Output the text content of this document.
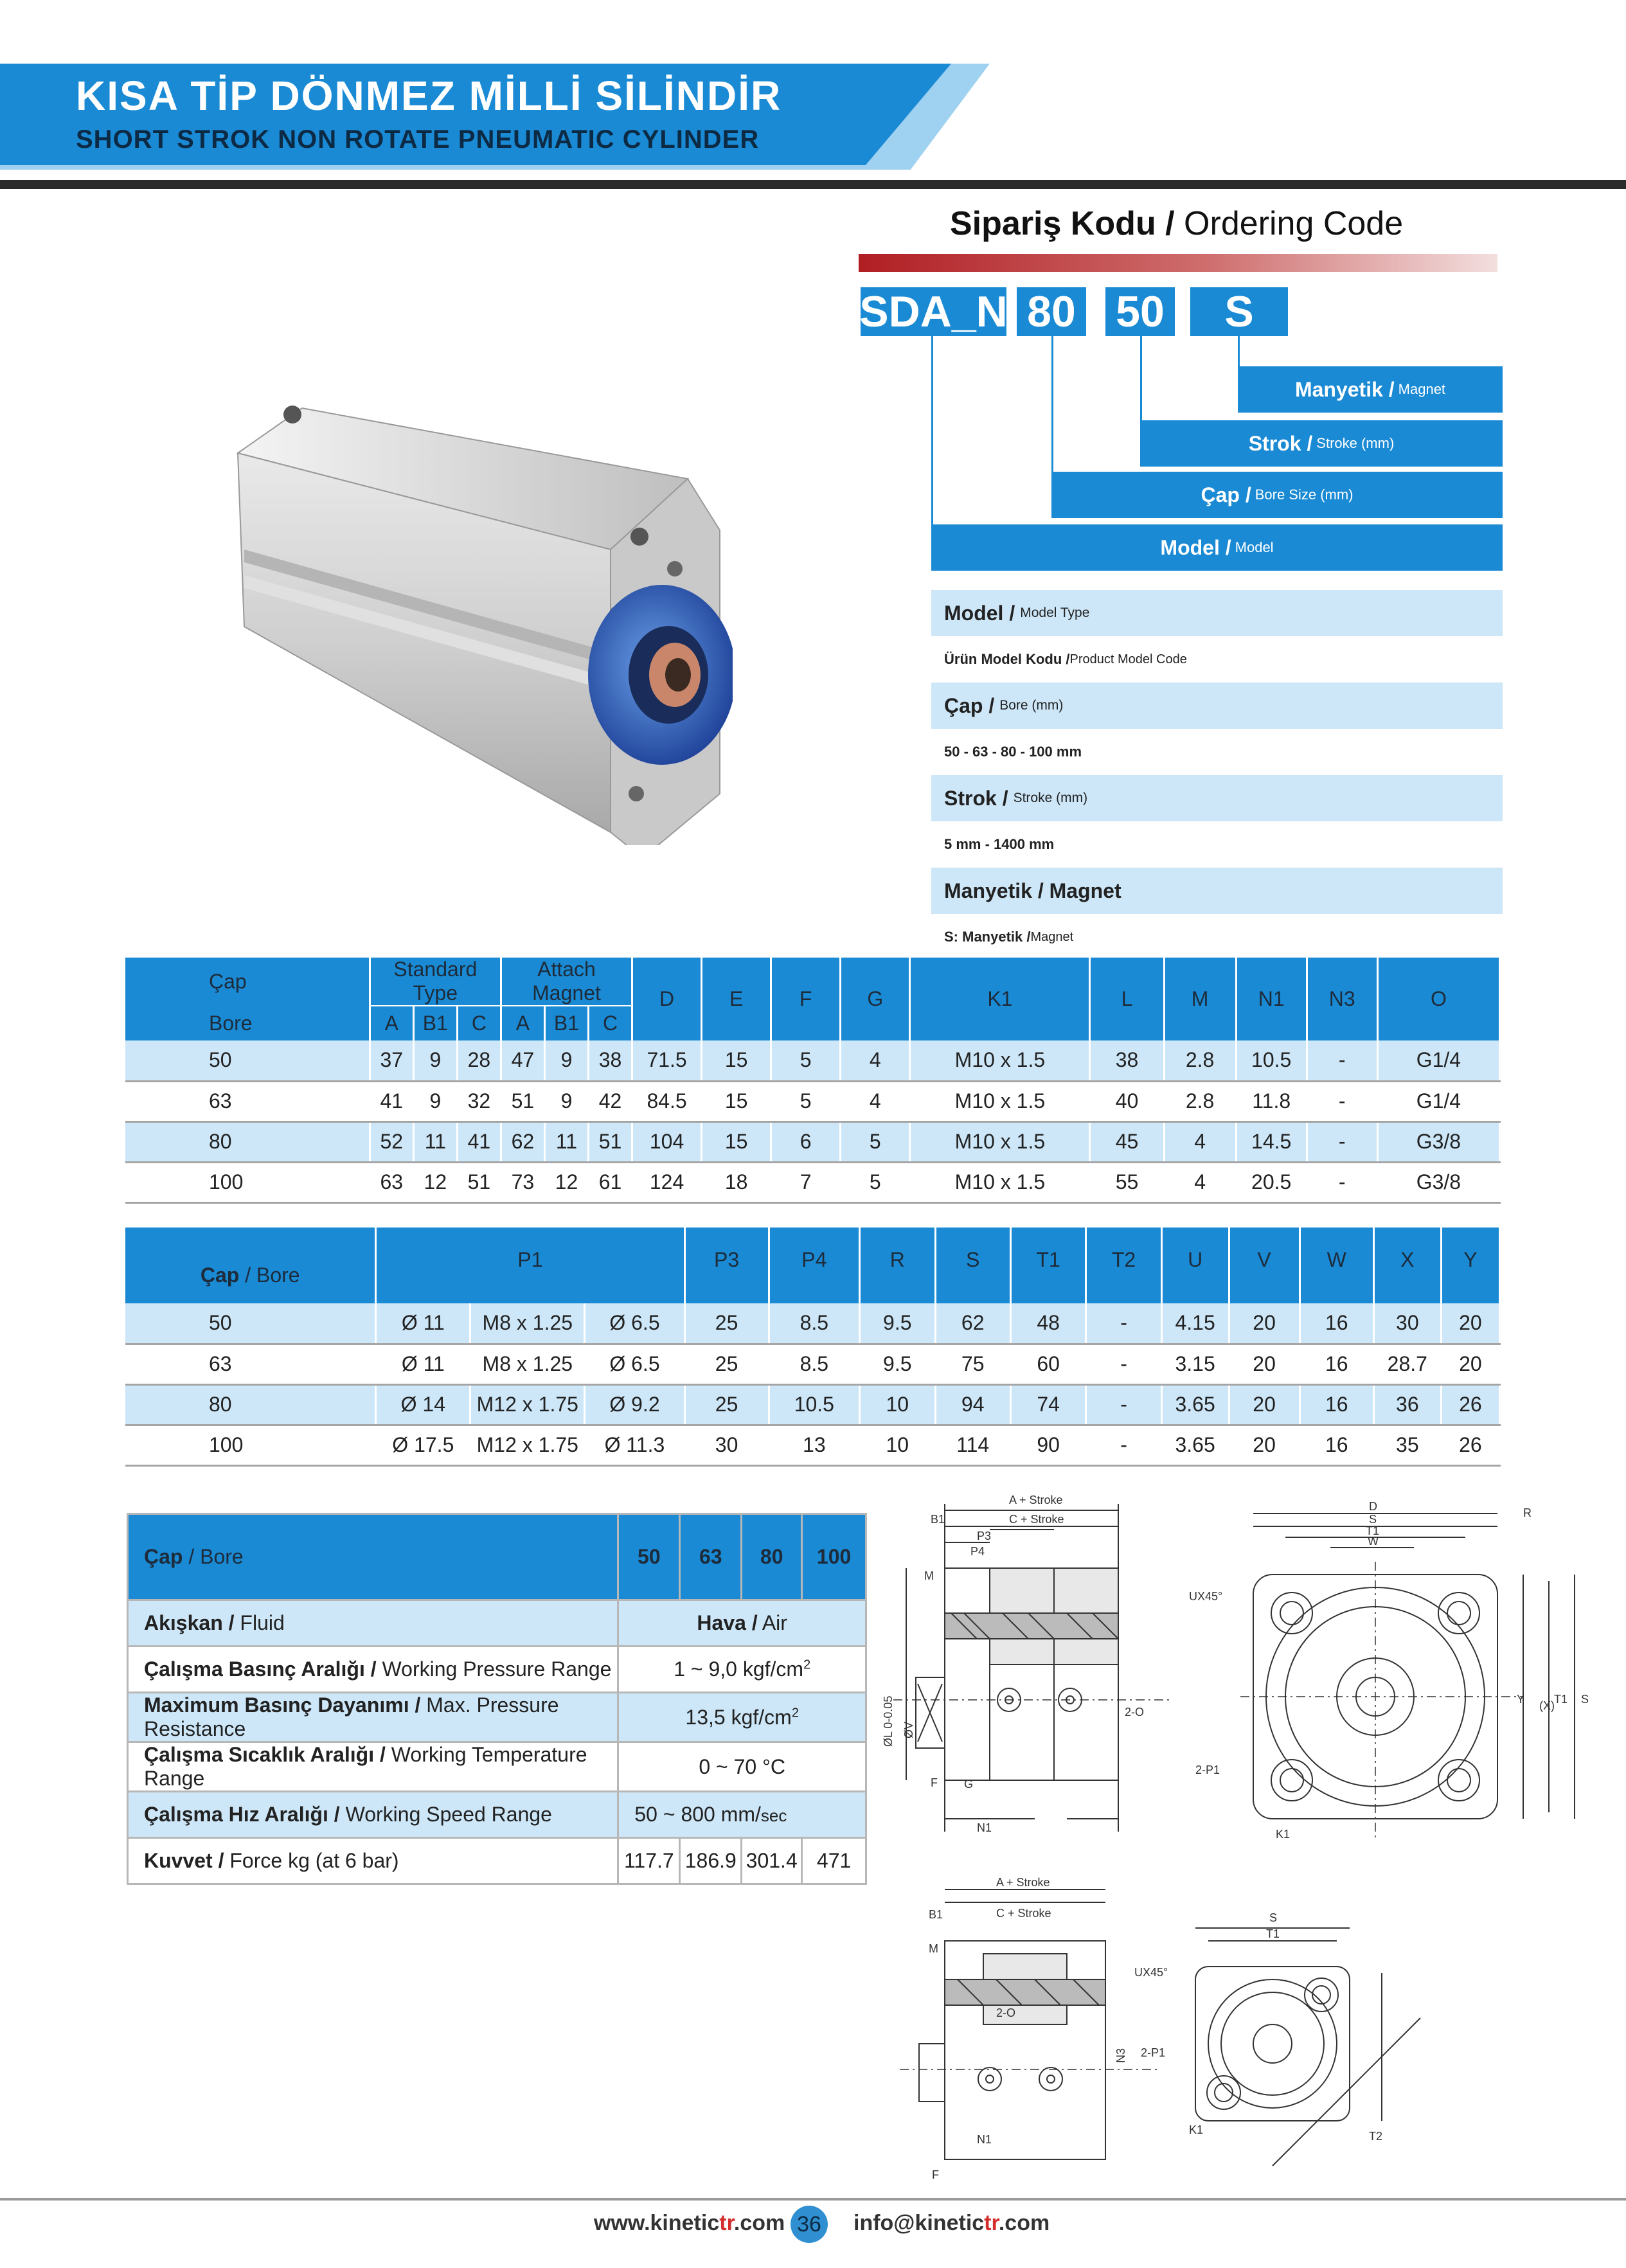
KISA TİP DÖNMEZ MİLLİ SİLİNDİR
SHORT STROK NON ROTATE PNEUMATIC CYLINDER
Sipariş Kodu / Ordering Code
SDA_N 80 50	S
Manyetik / Magnet
Strok / Stroke (mm)
Çap / Bore Size (mm)
Model / Model
Model / Model Type
Ürün Model Kodu / Product Model Code
Çap / Bore (mm)
50 - 63 - 80 - 100 mm
Strok / Stroke (mm)
5 mm - 1400 mm
Manyetik / Magnet
S: Manyetik / Magnet
Çap	Standard Type			Attach Magnet			D	E	F	G	K1	L	M	N1	N3	O
Bore	A	B1	C	A	B1	C										
50	37	9	28	47	9	38	71.5	15	5	4	M10 x 1.5	38	2.8	10.5	-	G1/4
63	41	9	32	51	9	42	84.5	15	5	4	M10 x 1.5	40	2.8	11.8	-	G1/4
80	52	11	41	62	11	51	104	15	6	5	M10 x 1.5	45	4	14.5	-	G3/8
100	63	12	51	73	12	61	124	18	7	5	M10 x 1.5	55	4	20.5	-	G3/8
Çap / Bore	P1			P3	P4	R	S	T1	T2	U	V	W	X	Y
50	Ø 11	M8 x 1.25	Ø 6.5	25	8.5	9.5	62	48	-	4.15	20	16	30	20
63	Ø 11	M8 x 1.25	Ø 6.5	25	8.5	9.5	75	60	-	3.15	20	16	28.7	20
80	Ø 14	M12 x 1.75	Ø 9.2	25	10.5	10	94	74	-	3.65	20	16	36	26
100	Ø 17.5	M12 x 1.75	Ø 11.3	30	13	10	114	90	-	3.65	20	16	35	26
Çap / Bore	50	63	80	100
Akışkan / Fluid	Hava / Air			
Çalışma Basınç Aralığı / Working Pressure Range	1 ~ 9,0 kgf/$cm^2$
Maximum Basınç Dayanımı / Max. Pressure Resistance	13,5 kgf/$cm^2$
Çalışma Sıcaklık Aralığı / Working Temperature Range	0 ~ 70 °C			
Çalışma Hız Aralığı / Working Speed Range	50 ~ 800 mm/sec			
Kuvvet / Force kg (at 6 bar)	117.7	186.9	301.4	471
A + Stroke
C + Stroke
B1
P3
P4
M
ØL 0-0.05 ØV
F G
N1
2-O
D
S
T1
W
R
UX45°
Y (X) T1 S
2-P1
K1
A + Stroke
C + Stroke
B1
M
2-O
N3
N1
F
S
T1
UX45°
2-P1
K1	T2
www.kinetictr.com 36 info@kinetictr.com
